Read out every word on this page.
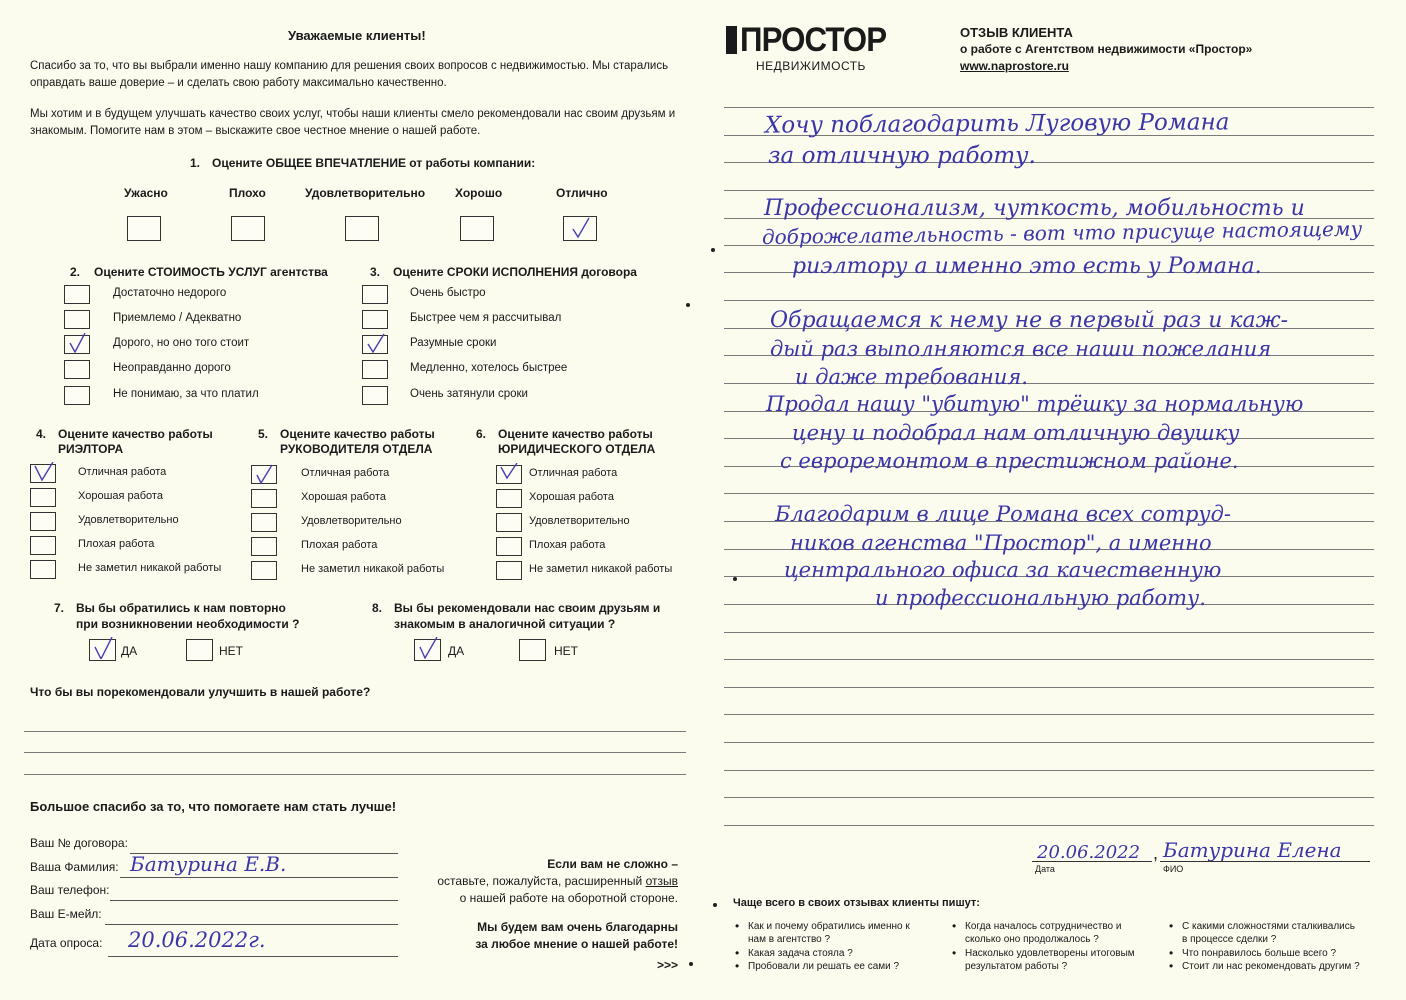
Уважаемые клиенты!
Спасибо за то, что вы выбрали именно нашу компанию для решения своих вопросов с недвижимостью. Мы старались
оправдать ваше доверие – и сделать свою работу максимально качественно.
Мы хотим и в будущем улучшать качество своих услуг, чтобы наши клиенты смело рекомендовали нас своим друзьям и
знакомым. Помогите нам в этом – выскажите свое честное мнение о нашей работе.
1. Оцените ОБЩЕЕ ВПЕЧАТЛЕНИЕ от работы компании:
Ужасно	Плохо	Удовлетворительно Хорошо	Отлично
2. Оцените СТОИМОСТЬ УСЛУГ агентства
Достаточно недорого
Приемлемо / Адекватно
Дорого, но оно того стоит
Неоправданно дорого
Не понимаю, за что платил
3. Оцените СРОКИ ИСПОЛНЕНИЯ договора
Очень быстро
Быстрее чем я рассчитывал
Разумные сроки
Медленно, хотелось быстрее
Очень затянули сроки
4. Оцените качество работы
РИЭЛТОРА
Отличная работа
Хорошая работа
Удовлетворительно
Плохая работа
Не заметил никакой работы
5. Оцените качество работы
РУКОВОДИТЕЛЯ ОТДЕЛА
Отличная работа
Хорошая работа
Удовлетворительно
Плохая работа
Не заметил никакой работы
6. Оцените качество работы
ЮРИДИЧЕСКОГО ОТДЕЛА
Отличная работа
Хорошая работа
Удовлетворительно
Плохая работа
Не заметил никакой работы
7. Вы бы обратились к нам повторно
при возникновении необходимости ?
ДА	НЕТ
8. Вы бы рекомендовали нас своим друзьям и
знакомым в аналогичной ситуации ?
ДА	НЕТ
Что бы вы порекомендовали улучшить в нашей работе?
Большое спасибо за то, что помогаете нам стать лучше!
Ваш № договора:
Ваша Фамилия: Батурина Е.В.
Ваш телефон:
Ваш Е-мейл:
Дата опроса: 20.06.2022г.
Если вам не сложно –
оставьте, пожалуйста, расширенный отзыв
о нашей работе на оборотной стороне.
Мы будем вам очень благодарны
за любое мнение о нашей работе!
>>>
ПРОСТОР
НЕДВИЖИМОСТЬ
ОТЗЫВ КЛИЕНТА
о работе с Агентством недвижимости «Простор»
www.naprostore.ru
Хочу поблагодарить Луговую Романа
за отличную работу.
Профессионализм, чуткость, мобильность и
доброжелательность - вот что присуще настоящему
риэлтору а именно это есть у Романа.
Обращаемся к нему не в первый раз и каж-
дый раз выполняются все наши пожелания
и даже требования.
Продал нашу "убитую" трёшку за нормальную
цену и подобрал нам отличную двушку
с евроремонтом в престижном районе.
Благодарим в лице Романа всех сотруд-
ников агенства "Простор", а именно
центрального офиса за качественную
и профессиональную работу.
20.06.2022
Дата
, Батурина Елена
ФИО
Чаще всего в своих отзывах клиенты пишут:
• Как и почему обратились именно к нам в агентство ?
• Какая задача стояла ?
• Пробовали ли решать ее сами ?
• Когда началось сотрудничество и сколько оно продолжалось ?
• Насколько удовлетворены итоговым результатом работы ?
• С какими сложностями сталкивались в процессе сделки ?
• Что понравилось больше всего ?
• Стоит ли нас рекомендовать другим ?
